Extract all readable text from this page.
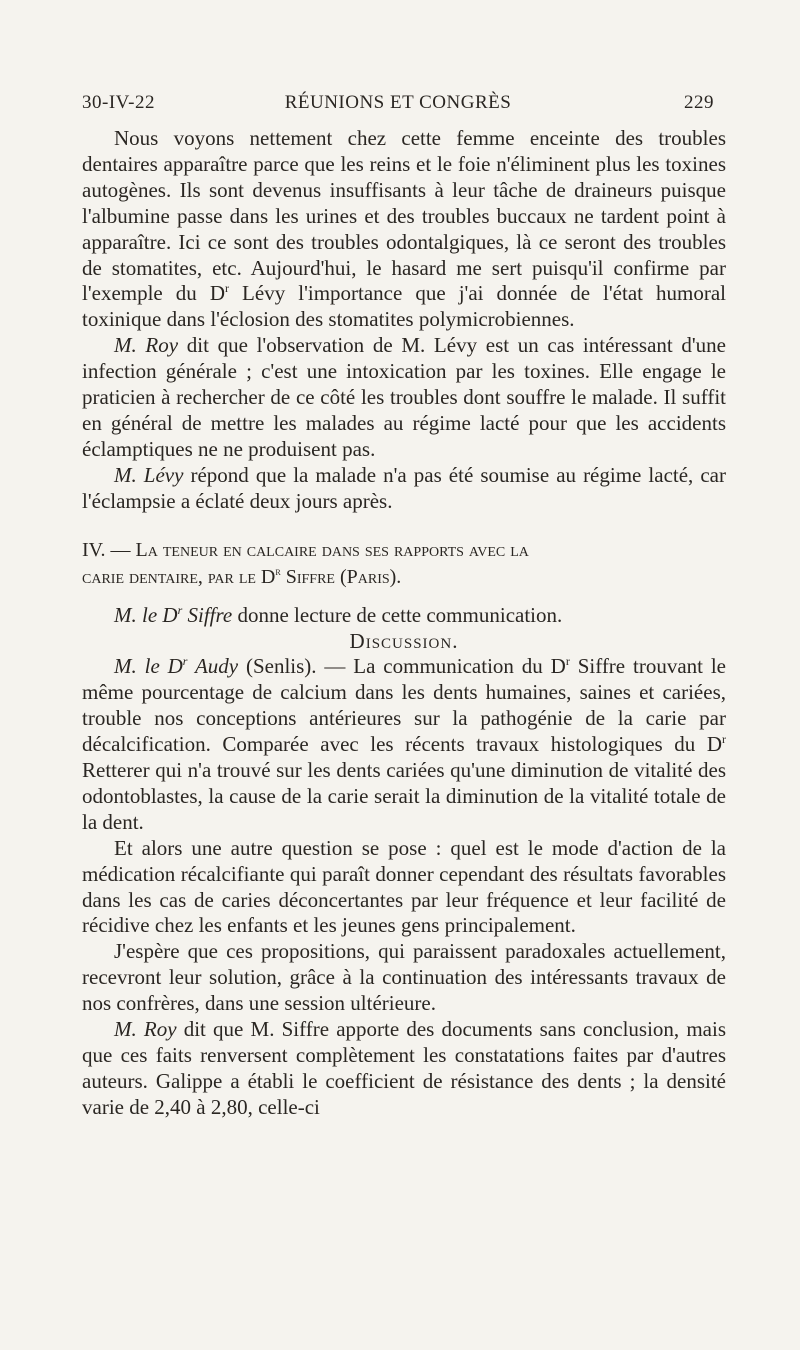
30-IV-22	RÉUNIONS ET CONGRÈS	229

Nous voyons nettement chez cette femme enceinte des troubles dentaires apparaître parce que les reins et le foie n'éliminent plus les toxines autogènes. Ils sont devenus insuffisants à leur tâche de draineurs puisque l'albumine passe dans les urines et des troubles buccaux ne tardent point à apparaître. Ici ce sont des troubles odontalgiques, là ce seront des troubles de stomatites, etc. Aujourd'hui, le hasard me sert puisqu'il confirme par l'exemple du $D^r$ Lévy l'importance que j'ai donnée de l'état humoral toxinique dans l'éclosion des stomatites polymicrobiennes.

M. Roy dit que l'observation de M. Lévy est un cas intéressant d'une infection générale ; c'est une intoxication par les toxines. Elle engage le praticien à rechercher de ce côté les troubles dont souffre le malade. Il suffit en général de mettre les malades au régime lacté pour que les accidents éclamptiques ne ne produisent pas.

M. Lévy répond que la malade n'a pas été soumise au régime lacté, car l'éclampsie a éclaté deux jours après.

IV. — La teneur en calcaire dans ses rapports avec la
carie dentaire, par le $D^r$ Siffre (Paris).

M. le $D^r$ Siffre donne lecture de cette communication.

Discussion.

M. le $D^r$ Audy (Senlis). — La communication du $D^r$ Siffre trouvant le même pourcentage de calcium dans les dents humaines, saines et cariées, trouble nos conceptions antérieures sur la pathogénie de la carie par décalcification. Comparée avec les récents travaux histologiques du $D^r$ Retterer qui n'a trouvé sur les dents cariées qu'une diminution de vitalité des odontoblastes, la cause de la carie serait la diminution de la vitalité totale de la dent.

Et alors une autre question se pose : quel est le mode d'action de la médication récalcifiante qui paraît donner cependant des résultats favorables dans les cas de caries déconcertantes par leur fréquence et leur facilité de récidive chez les enfants et les jeunes gens principalement.

J'espère que ces propositions, qui paraissent paradoxales actuellement, recevront leur solution, grâce à la continuation des intéressants travaux de nos confrères, dans une session ultérieure.

M. Roy dit que M. Siffre apporte des documents sans conclusion, mais que ces faits renversent complètement les constatations faites par d'autres auteurs. Galippe a établi le coefficient de résistance des dents ; la densité varie de 2,40 à 2,80, celle-ci
